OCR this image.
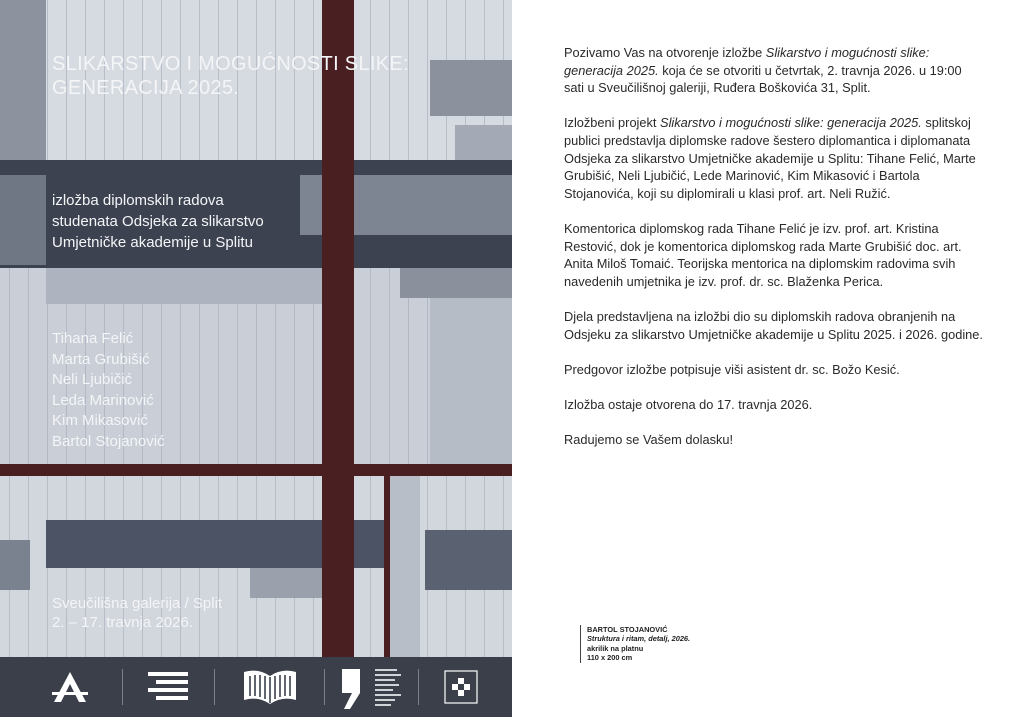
SLIKARSTVO I MOGUĆNOSTI SLIKE: GENERACIJA 2025.
izložba diplomskih radova
studenata Odsjeka za slikarstvo
Umjetničke akademije u Splitu
Tihana Felić
Marta Grubišić
Neli Ljubičić
Leda Marinović
Kim Mikasović
Bartol Stojanović
Sveučilišna galerija / Split
2. – 17. travnja 2026.

Pozivamo Vas na otvorenje izložbe Slikarstvo i mogućnosti slike: generacija 2025. koja će se otvoriti u četvrtak, 2. travnja 2026. u 19:00 sati u Sveučilišnoj galeriji, Ruđera Boškovića 31, Split.

Izložbeni projekt Slikarstvo i mogućnosti slike: generacija 2025. splitskoj publici predstavlja diplomske radove šestero diplomantica i diplomanata Odsjeka za slikarstvo Umjetničke akademije u Splitu: Tihane Felić, Marte Grubišić, Neli Ljubičić, Lede Marinović, Kim Mikasović i Bartola Stojanovića, koji su diplomirali u klasi prof. art. Neli Ružić.

Komentorica diplomskog rada Tihane Felić je izv. prof. art. Kristina Restović, dok je komentorica diplomskog rada Marte Grubišić doc. art. Anita Miloš Tomaić. Teorijska mentorica na diplomskim radovima svih navedenih umjetnika je izv. prof. dr. sc. Blaženka Perica.

Djela predstavljena na izložbi dio su diplomskih radova obranjenih na Odsjeku za slikarstvo Umjetničke akademije u Splitu 2025. i 2026. godine.

Predgovor izložbe potpisuje viši asistent dr. sc. Božo Kesić.

Izložba ostaje otvorena do 17. travnja 2026.

Radujemo se Vašem dolasku!

BARTOL STOJANOVIĆ
Struktura i ritam, detalj, 2026.
akrilik na platnu
110 x 200 cm
